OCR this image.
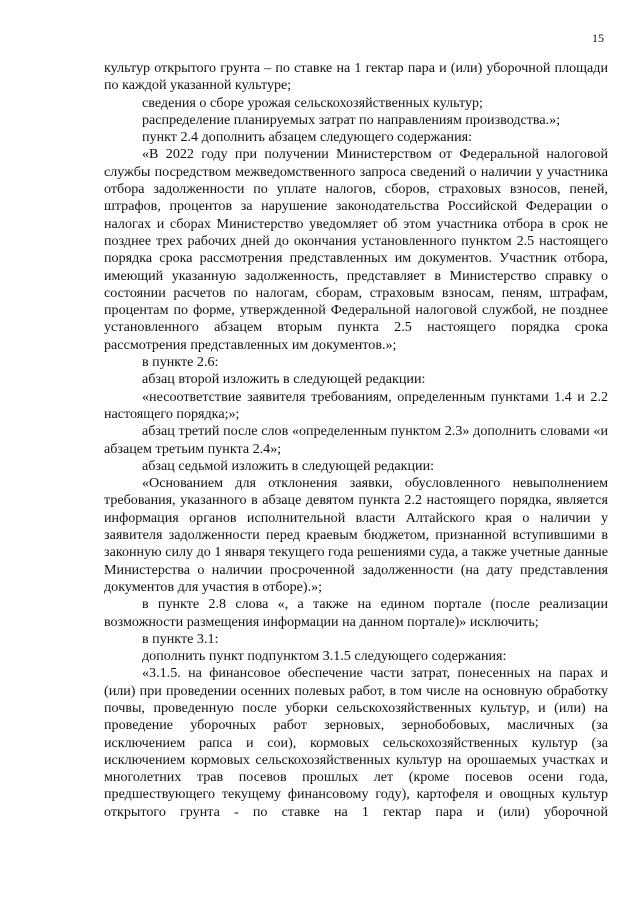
15

культур открытого грунта – по ставке на 1 гектар пара и (или) уборочной площади по каждой указанной культуре;

сведения о сборе урожая сельскохозяйственных культур;

распределение планируемых затрат по направлениям производства.»;

пункт 2.4 дополнить абзацем следующего содержания:

«В 2022 году при получении Министерством от Федеральной налоговой службы посредством межведомственного запроса сведений о наличии у участника отбора задолженности по уплате налогов, сборов, страховых взносов, пеней, штрафов, процентов за нарушение законодательства Российской Федерации о налогах и сборах Министерство уведомляет об этом участника отбора в срок не позднее трех рабочих дней до окончания установленного пунктом 2.5 настоящего порядка срока рассмотрения представленных им документов. Участник отбора, имеющий указанную задолженность, представляет в Министерство справку о состоянии расчетов по налогам, сборам, страховым взносам, пеням, штрафам, процентам по форме, утвержденной Федеральной налоговой службой, не позднее установленного абзацем вторым пункта 2.5 настоящего порядка срока рассмотрения представленных им документов.»;

в пункте 2.6:

абзац второй изложить в следующей редакции:

«несоответствие заявителя требованиям, определенным пунктами 1.4 и 2.2 настоящего порядка;»;

абзац третий после слов «определенным пунктом 2.3» дополнить словами «и абзацем третьим пункта 2.4»;

абзац седьмой изложить в следующей редакции:

«Основанием для отклонения заявки, обусловленного невыполнением требования, указанного в абзаце девятом пункта 2.2 настоящего порядка, является информация органов исполнительной власти Алтайского края о наличии у заявителя задолженности перед краевым бюджетом, признанной вступившими в законную силу до 1 января текущего года решениями суда, а также учетные данные Министерства о наличии просроченной задолженности (на дату представления документов для участия в отборе).»;

в пункте 2.8 слова «, а также на едином портале (после реализации возможности размещения информации на данном портале)» исключить;

в пункте 3.1:

дополнить пункт подпунктом 3.1.5 следующего содержания:

«3.1.5. на финансовое обеспечение части затрат, понесенных на парах и (или) при проведении осенних полевых работ, в том числе на основную обработку почвы, проведенную после уборки сельскохозяйственных культур, и (или) на проведение уборочных работ зерновых, зернобобовых, масличных (за исключением рапса и сои), кормовых сельскохозяйственных культур (за исключением кормовых сельскохозяйственных культур на орошаемых участках и многолетних трав посевов прошлых лет (кроме посевов осени года, предшествующего текущему финансовому году), картофеля и овощных культур открытого грунта - по ставке на 1 гектар пара и (или) уборочной
